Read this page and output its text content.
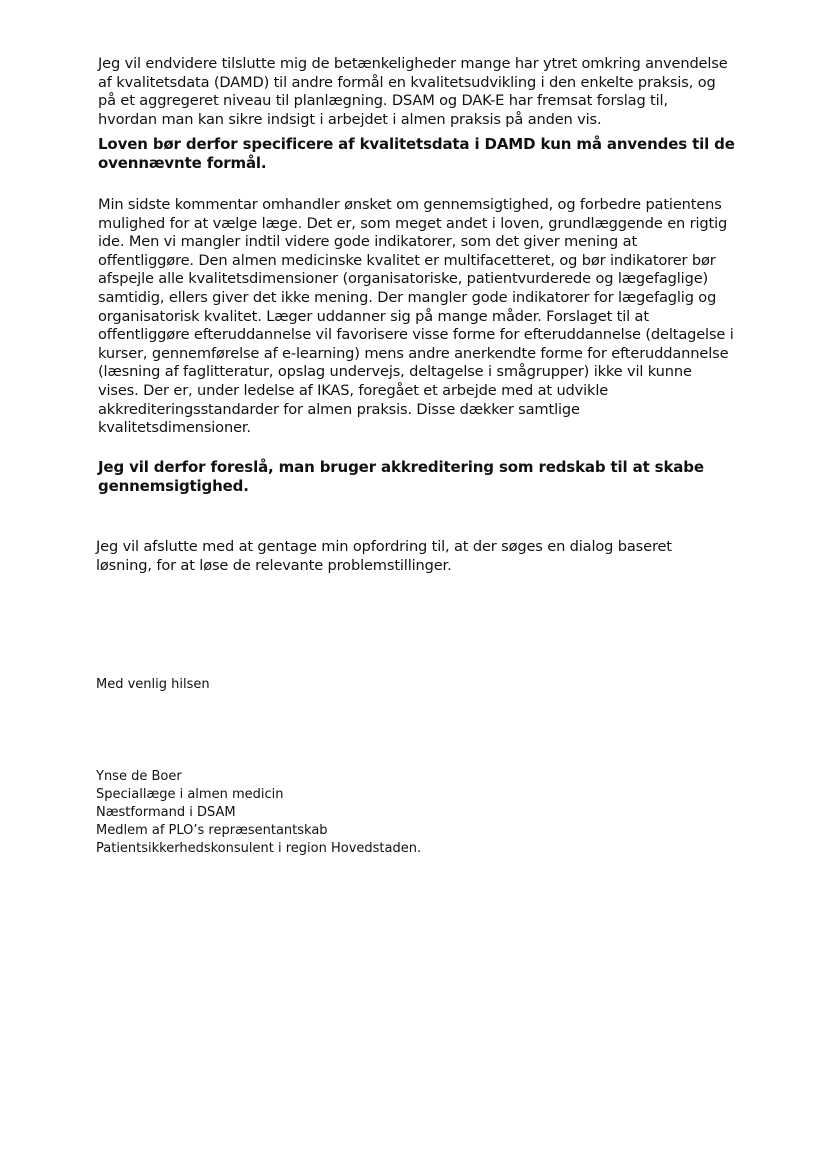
Jeg vil endvidere tilslutte mig de betænkeligheder mange har ytret omkring anvendelse
af kvalitetsdata (DAMD) til andre formål en kvalitetsudvikling i den enkelte praksis, og
på et aggregeret niveau til planlægning. DSAM og DAK-E har fremsat forslag til,
hvordan man kan sikre indsigt i arbejdet i almen praksis på anden vis.
Loven bør derfor specificere af kvalitetsdata i DAMD kun må anvendes til de
ovennævnte formål.
Min sidste kommentar omhandler ønsket om gennemsigtighed, og forbedre patientens
mulighed for at vælge læge. Det er, som meget andet i loven, grundlæggende en rigtig
ide. Men vi mangler indtil videre gode indikatorer, som det giver mening at
offentliggøre. Den almen medicinske kvalitet er multifacetteret, og bør indikatorer bør
afspejle alle kvalitetsdimensioner (organisatoriske, patientvurderede og lægefaglige)
samtidig, ellers giver det ikke mening. Der mangler gode indikatorer for lægefaglig og
organisatorisk kvalitet. Læger uddanner sig på mange måder. Forslaget til at
offentliggøre efteruddannelse vil favorisere visse forme for efteruddannelse (deltagelse i
kurser, gennemførelse af e-learning) mens andre anerkendte forme for efteruddannelse
(læsning af faglitteratur, opslag undervejs, deltagelse i smågrupper) ikke vil kunne
vises. Der er, under ledelse af IKAS, foregået et arbejde med at udvikle
akkrediteringsstandarder for almen praksis. Disse dækker samtlige
kvalitetsdimensioner.
Jeg vil derfor foreslå, man bruger akkreditering som redskab til at skabe
gennemsigtighed.
Jeg vil afslutte med at gentage min opfordring til, at der søges en dialog baseret
løsning, for at løse de relevante problemstillinger.
Med venlig hilsen
Ynse de Boer
Speciallæge i almen medicin
Næstformand i DSAM
Medlem af PLO’s repræsentantskab
Patientsikkerhedskonsulent i region Hovedstaden.
